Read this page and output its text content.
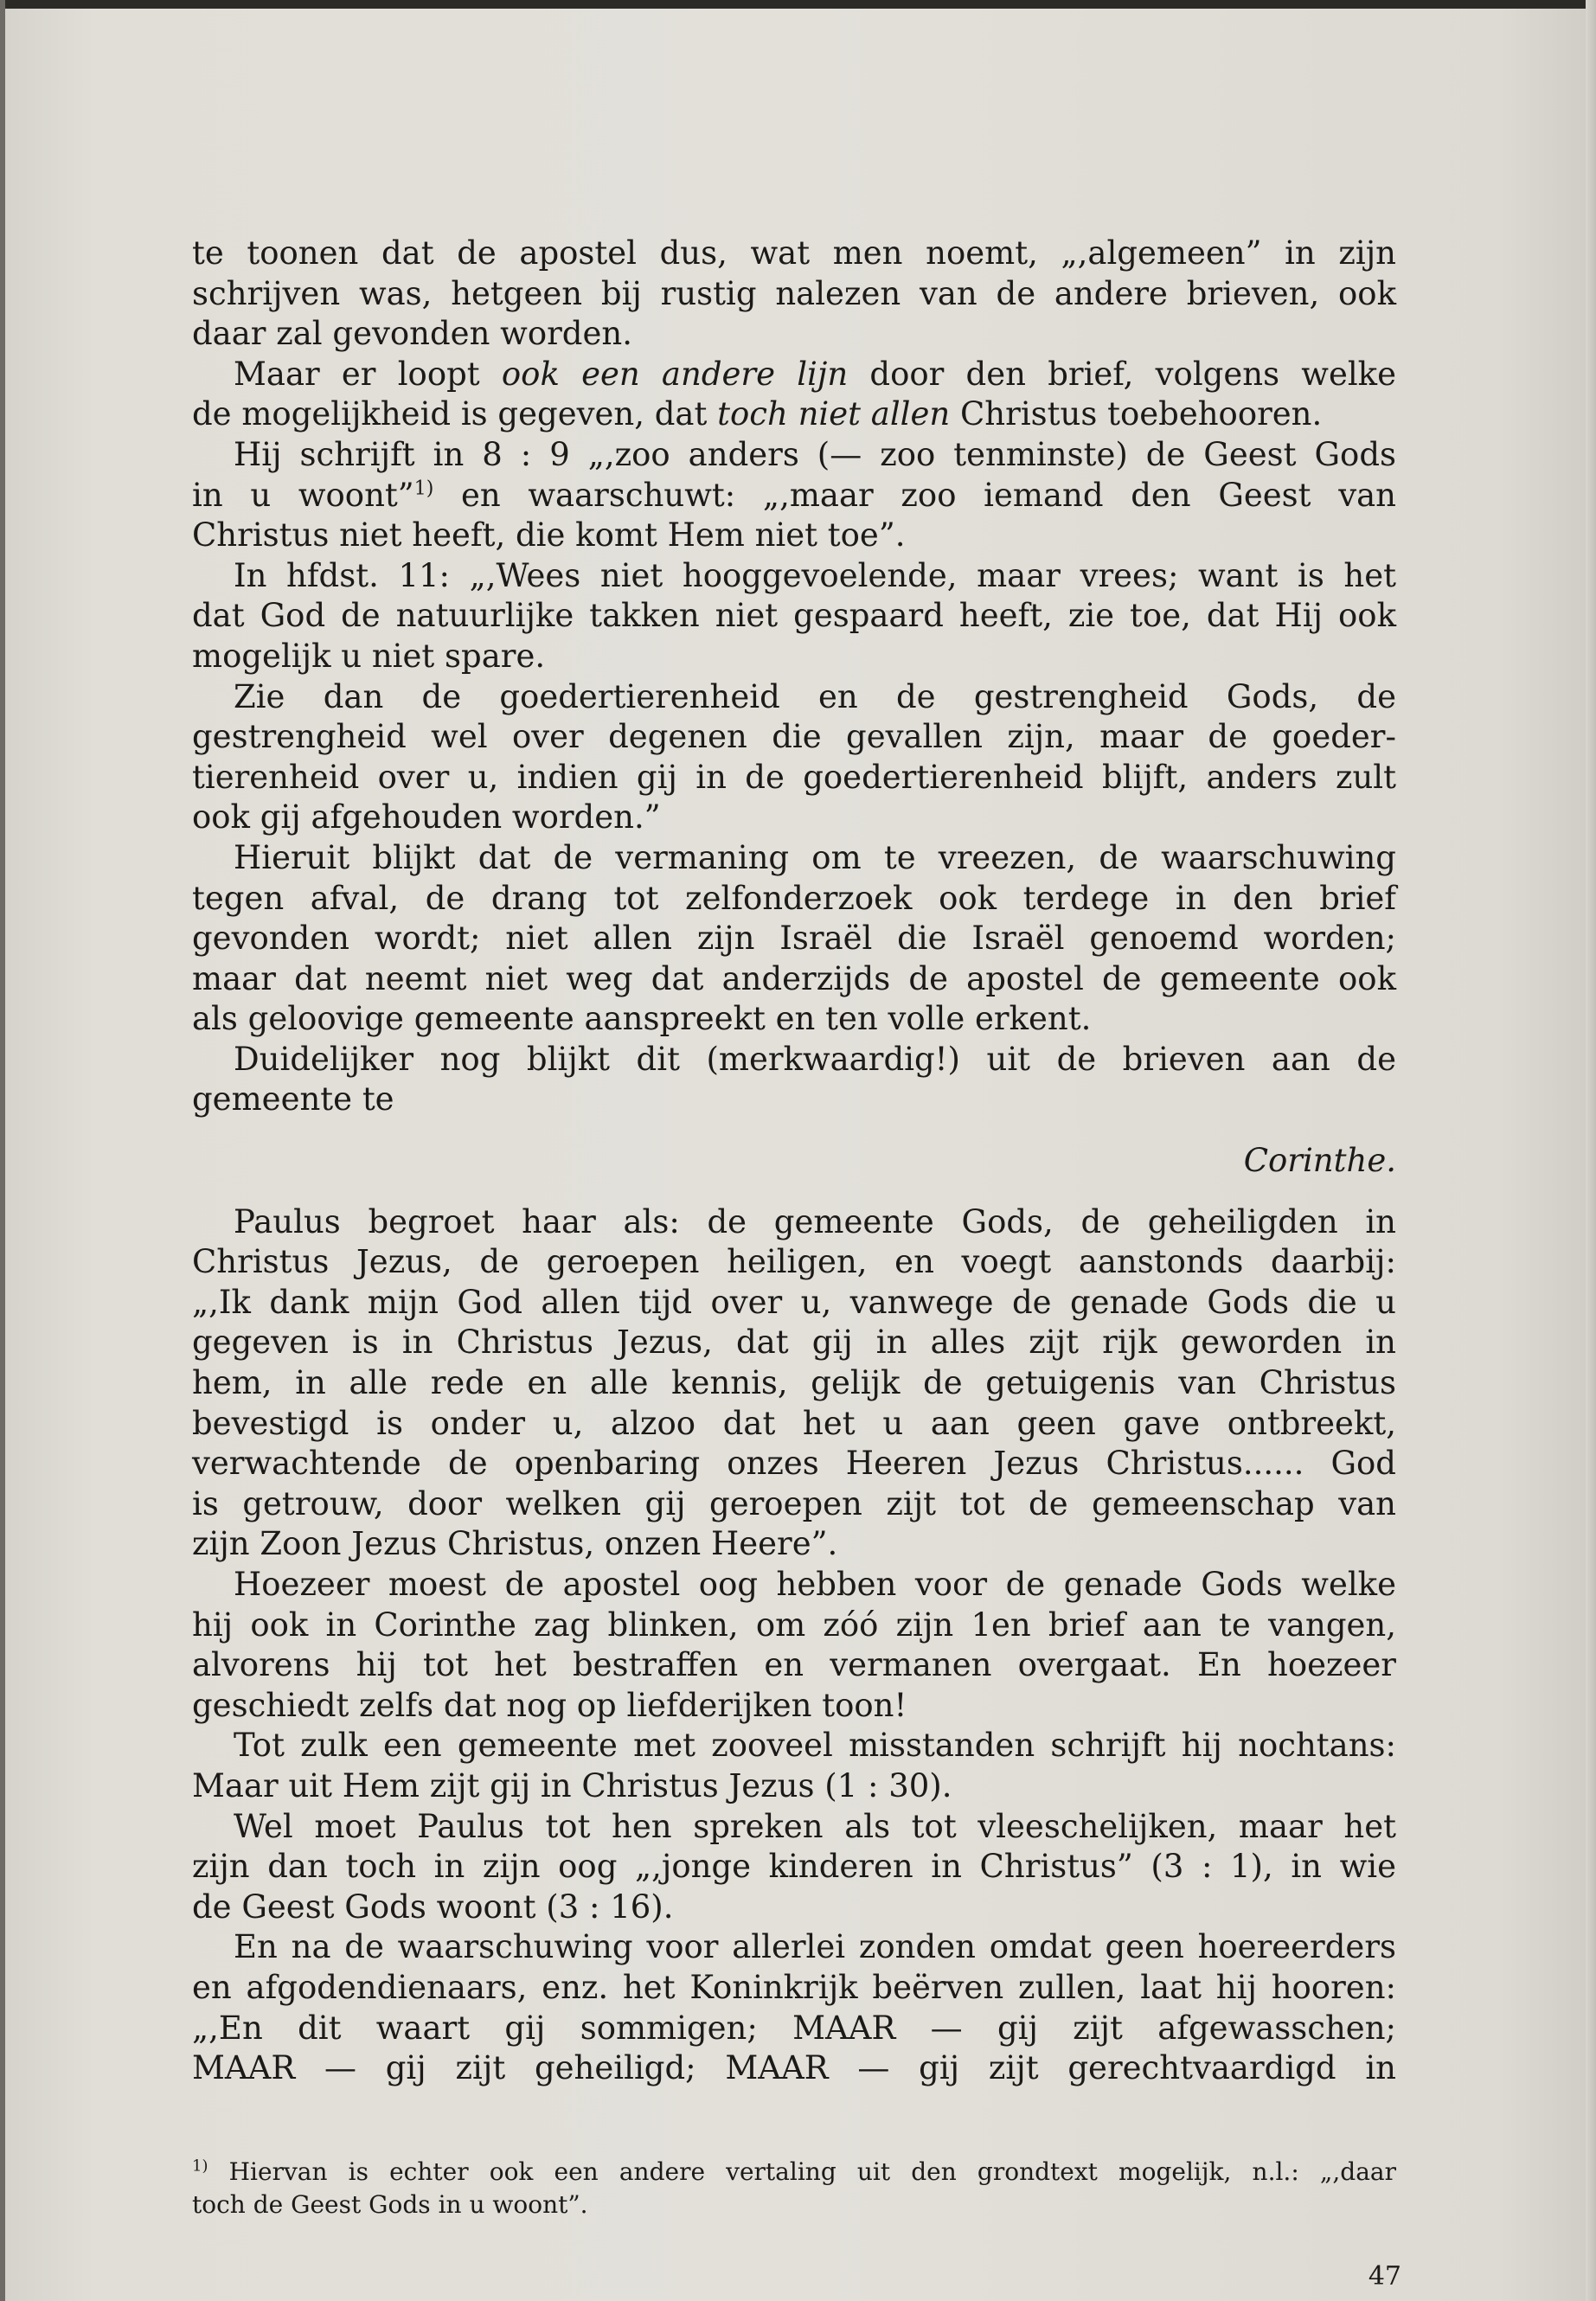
te toonen dat de apostel dus, wat men noemt, „,algemeen” in zijn
schrijven was, hetgeen bij rustig nalezen van de andere brieven, ook
daar zal gevonden worden.
Maar er loopt ook een andere lijn door den brief, volgens welke
de mogelijkheid is gegeven, dat toch niet allen Christus toebehooren.
Hij schrijft in 8 : 9 „,zoo anders (— zoo tenminste) de Geest Gods
in u woont”$^{1)}$ en waarschuwt: „,maar zoo iemand den Geest van
Christus niet heeft, die komt Hem niet toe”.
In hfdst. 11: „,Wees niet hooggevoelende, maar vrees; want is het
dat God de natuurlijke takken niet gespaard heeft, zie toe, dat Hij ook
mogelijk u niet spare.
Zie dan de goedertierenheid en de gestrengheid Gods, de
gestrengheid wel over degenen die gevallen zijn, maar de goeder-
tierenheid over u, indien gij in de goedertierenheid blijft, anders zult
ook gij afgehouden worden.”
Hieruit blijkt dat de vermaning om te vreezen, de waarschuwing
tegen afval, de drang tot zelfonderzoek ook terdege in den brief
gevonden wordt; niet allen zijn Israël die Israël genoemd worden;
maar dat neemt niet weg dat anderzijds de apostel de gemeente ook
als geloovige gemeente aanspreekt en ten volle erkent.
Duidelijker nog blijkt dit (merkwaardig!) uit de brieven aan de
gemeente te
Corinthe.
Paulus begroet haar als: de gemeente Gods, de geheiligden in
Christus Jezus, de geroepen heiligen, en voegt aanstonds daarbij:
„,Ik dank mijn God allen tijd over u, vanwege de genade Gods die u
gegeven is in Christus Jezus, dat gij in alles zijt rijk geworden in
hem, in alle rede en alle kennis, gelijk de getuigenis van Christus
bevestigd is onder u, alzoo dat het u aan geen gave ontbreekt,
verwachtende de openbaring onzes Heeren Jezus Christus...... God
is getrouw, door welken gij geroepen zijt tot de gemeenschap van
zijn Zoon Jezus Christus, onzen Heere”.
Hoezeer moest de apostel oog hebben voor de genade Gods welke
hij ook in Corinthe zag blinken, om zóó zijn 1en brief aan te vangen,
alvorens hij tot het bestraffen en vermanen overgaat. En hoezeer
geschiedt zelfs dat nog op liefderijken toon!
Tot zulk een gemeente met zooveel misstanden schrijft hij nochtans:
Maar uit Hem zijt gij in Christus Jezus (1 : 30).
Wel moet Paulus tot hen spreken als tot vleeschelijken, maar het
zijn dan toch in zijn oog „,jonge kinderen in Christus” (3 : 1), in wie
de Geest Gods woont (3 : 16).
En na de waarschuwing voor allerlei zonden omdat geen hoereerders
en afgodendienaars, enz. het Koninkrijk beërven zullen, laat hij hooren:
„,En dit waart gij sommigen; MAAR — gij zijt afgewasschen;
MAAR — gij zijt geheiligd; MAAR — gij zijt gerechtvaardigd in
$^{1)}$ Hiervan is echter ook een andere vertaling uit den grondtext mogelijk, n.l.: „,daar
toch de Geest Gods in u woont”.
47
